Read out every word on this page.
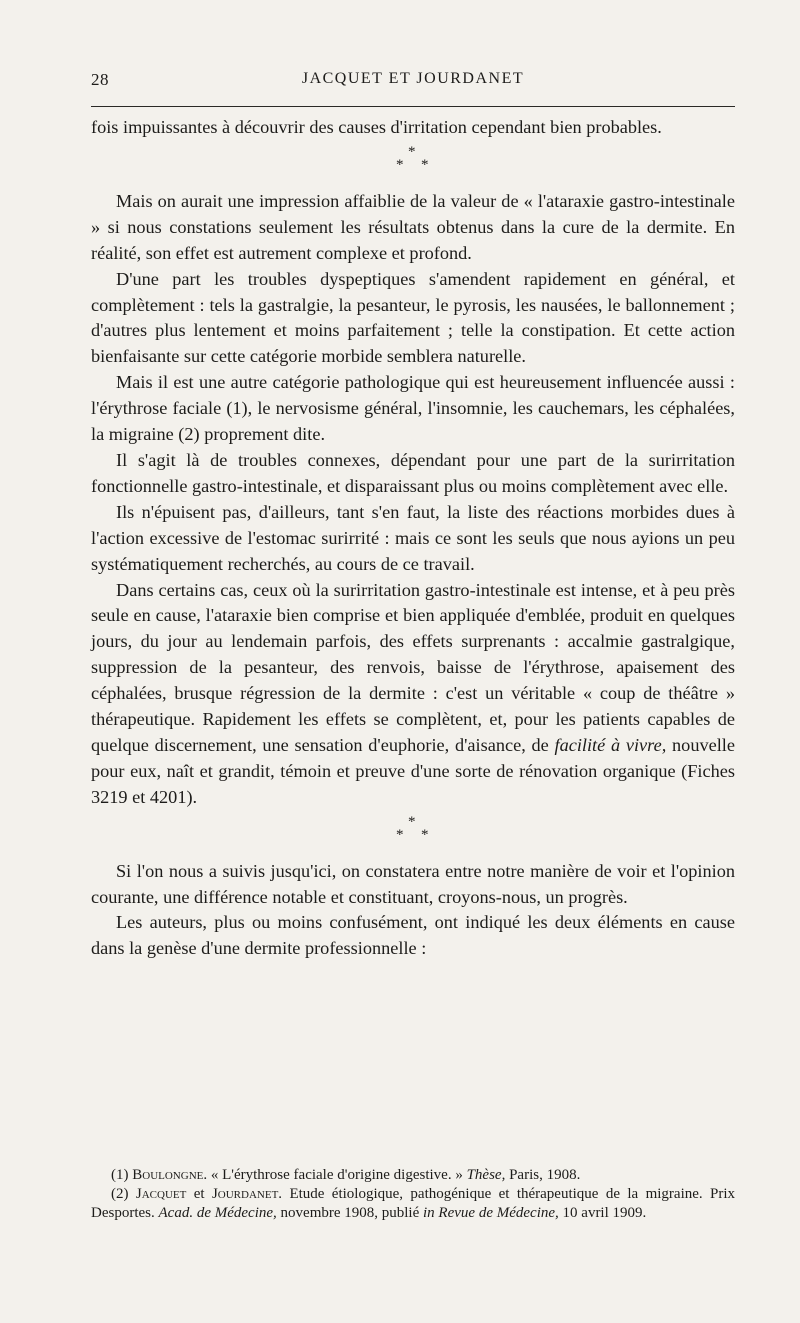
28	JACQUET ET JOURDANET

fois impuissantes à découvrir des causes d'irritation cependant bien probables.

*
* *

Mais on aurait une impression affaiblie de la valeur de « l'ataraxie gastro-intestinale » si nous constations seulement les résultats obtenus dans la cure de la dermite. En réalité, son effet est autrement complexe et profond.

D'une part les troubles dyspeptiques s'amendent rapidement en général, et complètement : tels la gastralgie, la pesanteur, le pyrosis, les nausées, le ballonnement ; d'autres plus lentement et moins parfaitement ; telle la constipation. Et cette action bienfaisante sur cette catégorie morbide semblera naturelle.

Mais il est une autre catégorie pathologique qui est heureusement influencée aussi : l'érythrose faciale (1), le nervosisme général, l'insomnie, les cauchemars, les céphalées, la migraine (2) proprement dite.

Il s'agit là de troubles connexes, dépendant pour une part de la surirritation fonctionnelle gastro-intestinale, et disparaissant plus ou moins complètement avec elle.

Ils n'épuisent pas, d'ailleurs, tant s'en faut, la liste des réactions morbides dues à l'action excessive de l'estomac surirrité : mais ce sont les seuls que nous ayions un peu systématiquement recherchés, au cours de ce travail.

Dans certains cas, ceux où la surirritation gastro-intestinale est intense, et à peu près seule en cause, l'ataraxie bien comprise et bien appliquée d'emblée, produit en quelques jours, du jour au lendemain parfois, des effets surprenants : accalmie gastralgique, suppression de la pesanteur, des renvois, baisse de l'érythrose, apaisement des céphalées, brusque régression de la dermite : c'est un véritable « coup de théâtre » thérapeutique. Rapidement les effets se complètent, et, pour les patients capables de quelque discernement, une sensation d'euphorie, d'aisance, de facilité à vivre, nouvelle pour eux, naît et grandit, témoin et preuve d'une sorte de rénovation organique (Fiches 3219 et 4201).

*
* *

Si l'on nous a suivis jusqu'ici, on constatera entre notre manière de voir et l'opinion courante, une différence notable et constituant, croyons-nous, un progrès.

Les auteurs, plus ou moins confusément, ont indiqué les deux éléments en cause dans la genèse d'une dermite professionnelle :

(1) Boulongne. « L'érythrose faciale d'origine digestive. » Thèse, Paris, 1908.

(2) Jacquet et Jourdanet. Etude étiologique, pathogénique et thérapeutique de la migraine. Prix Desportes. Acad. de Médecine, novembre 1908, publié in Revue de Médecine, 10 avril 1909.
